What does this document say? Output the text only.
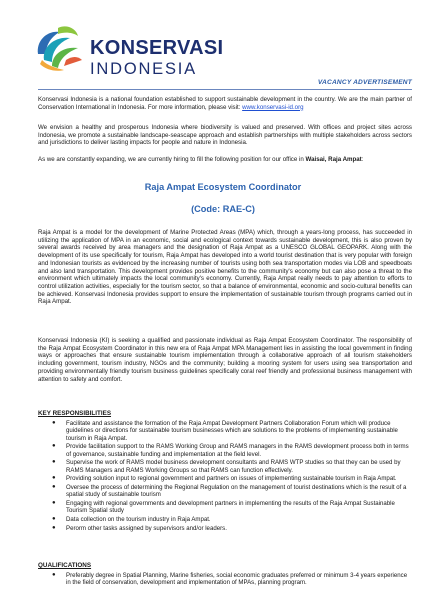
KONSERVASI
INDONESIA
VACANCY ADVERTISEMENT
Konservasi Indonesia is a national foundation established to support sustainable development in the country. We are the main partner of Conservation International in Indonesia. For more information, please visit: www.konservasi-id.org
We envision a healthy and prosperous Indonesia where biodiversity is valued and preserved. With offices and project sites across Indonesia, we promote a sustainable landscape-seascape approach and establish partnerships with multiple stakeholders across sectors and jurisdictions to deliver lasting impacts for people and nature in Indonesia.
As we are constantly expanding, we are currently hiring to fill the following position for our office in Waisai, Raja Ampat:
Raja Ampat Ecosystem Coordinator
(Code: RAE-C)
Raja Ampat is a model for the development of Marine Protected Areas (MPA) which, through a years-long process, has succeeded in utilizing the application of MPA in an economic, social and ecological context towards sustainable development, this is also proven by several awards received by area managers and the designation of Raja Ampat as a UNESCO GLOBAL GEOPARK. Along with the development of its use specifically for tourism, Raja Ampat has developed into a world tourist destination that is very popular with foreign and Indonesian tourists as evidenced by the increasing number of tourists using both sea transportation modes via LOB and speedboats and also land transportation. This development provides positive benefits to the community's economy but can also pose a threat to the environment which ultimately impacts the local community's economy. Currently, Raja Ampat really needs to pay attention to efforts to control utilization activities, especially for the tourism sector, so that a balance of environmental, economic and socio-cultural benefits can be achieved. Konservasi Indonesia provides support to ensure the implementation of sustainable tourism through programs carried out in Raja Ampat.
Konservasi Indonesia (KI) is seeking a qualified and passionate individual as Raja Ampat Ecosystem Coordinator. The responsibility of the Raja Ampat Ecosystem Coordinator in this new era of Raja Ampat MPA Management lies in assisting the local government in finding ways or approaches that ensure sustainable tourism implementation through a collaborative approach of all tourism stakeholders including government, tourism industry, NGOs and the community; building a mooring system for users using sea transportation and providing environmentally friendly tourism business guidelines specifically coral reef friendly and professional business management with attention to safety and comfort.
KEY RESPONSIBILITIES
● Facilitate and assistance the formation of the Raja Ampat Development Partners Collaboration Forum which will produce guidelines or directions for sustainable tourism businesses which are solutions to the problems of implementing sustainable tourism in Raja Ampat.
● Provide facilitation support to the RAMS Working Group and RAMS managers in the RAMS development process both in terms of governance, sustainable funding and implementation at the field level.
● Supervise the work of RAMS model business development consultants and RAMS WTP studies so that they can be used by RAMS Managers and RAMS Working Groups so that RAMS can function effectively.
● Providing solution input to regional government and partners on issues of implementing sustainable tourism in Raja Ampat.
● Oversee the process of determining the Regional Regulation on the management of tourist destinations which is the result of a spatial study of sustainable tourism
● Engaging with regional governments and development partners in implementing the results of the Raja Ampat Sustainable Tourism Spatial study
● Data collection on the tourism industry in Raja Ampat.
● Perorm other tasks assigned by supervisors and/or leaders.
QUALIFICATIONS
● Preferably degree in Spatial Planning, Marine fisheries, social economic graduates preferred or minimum 3-4 years experience in the field of conservation, development and implementation of MPAs, planning program.
